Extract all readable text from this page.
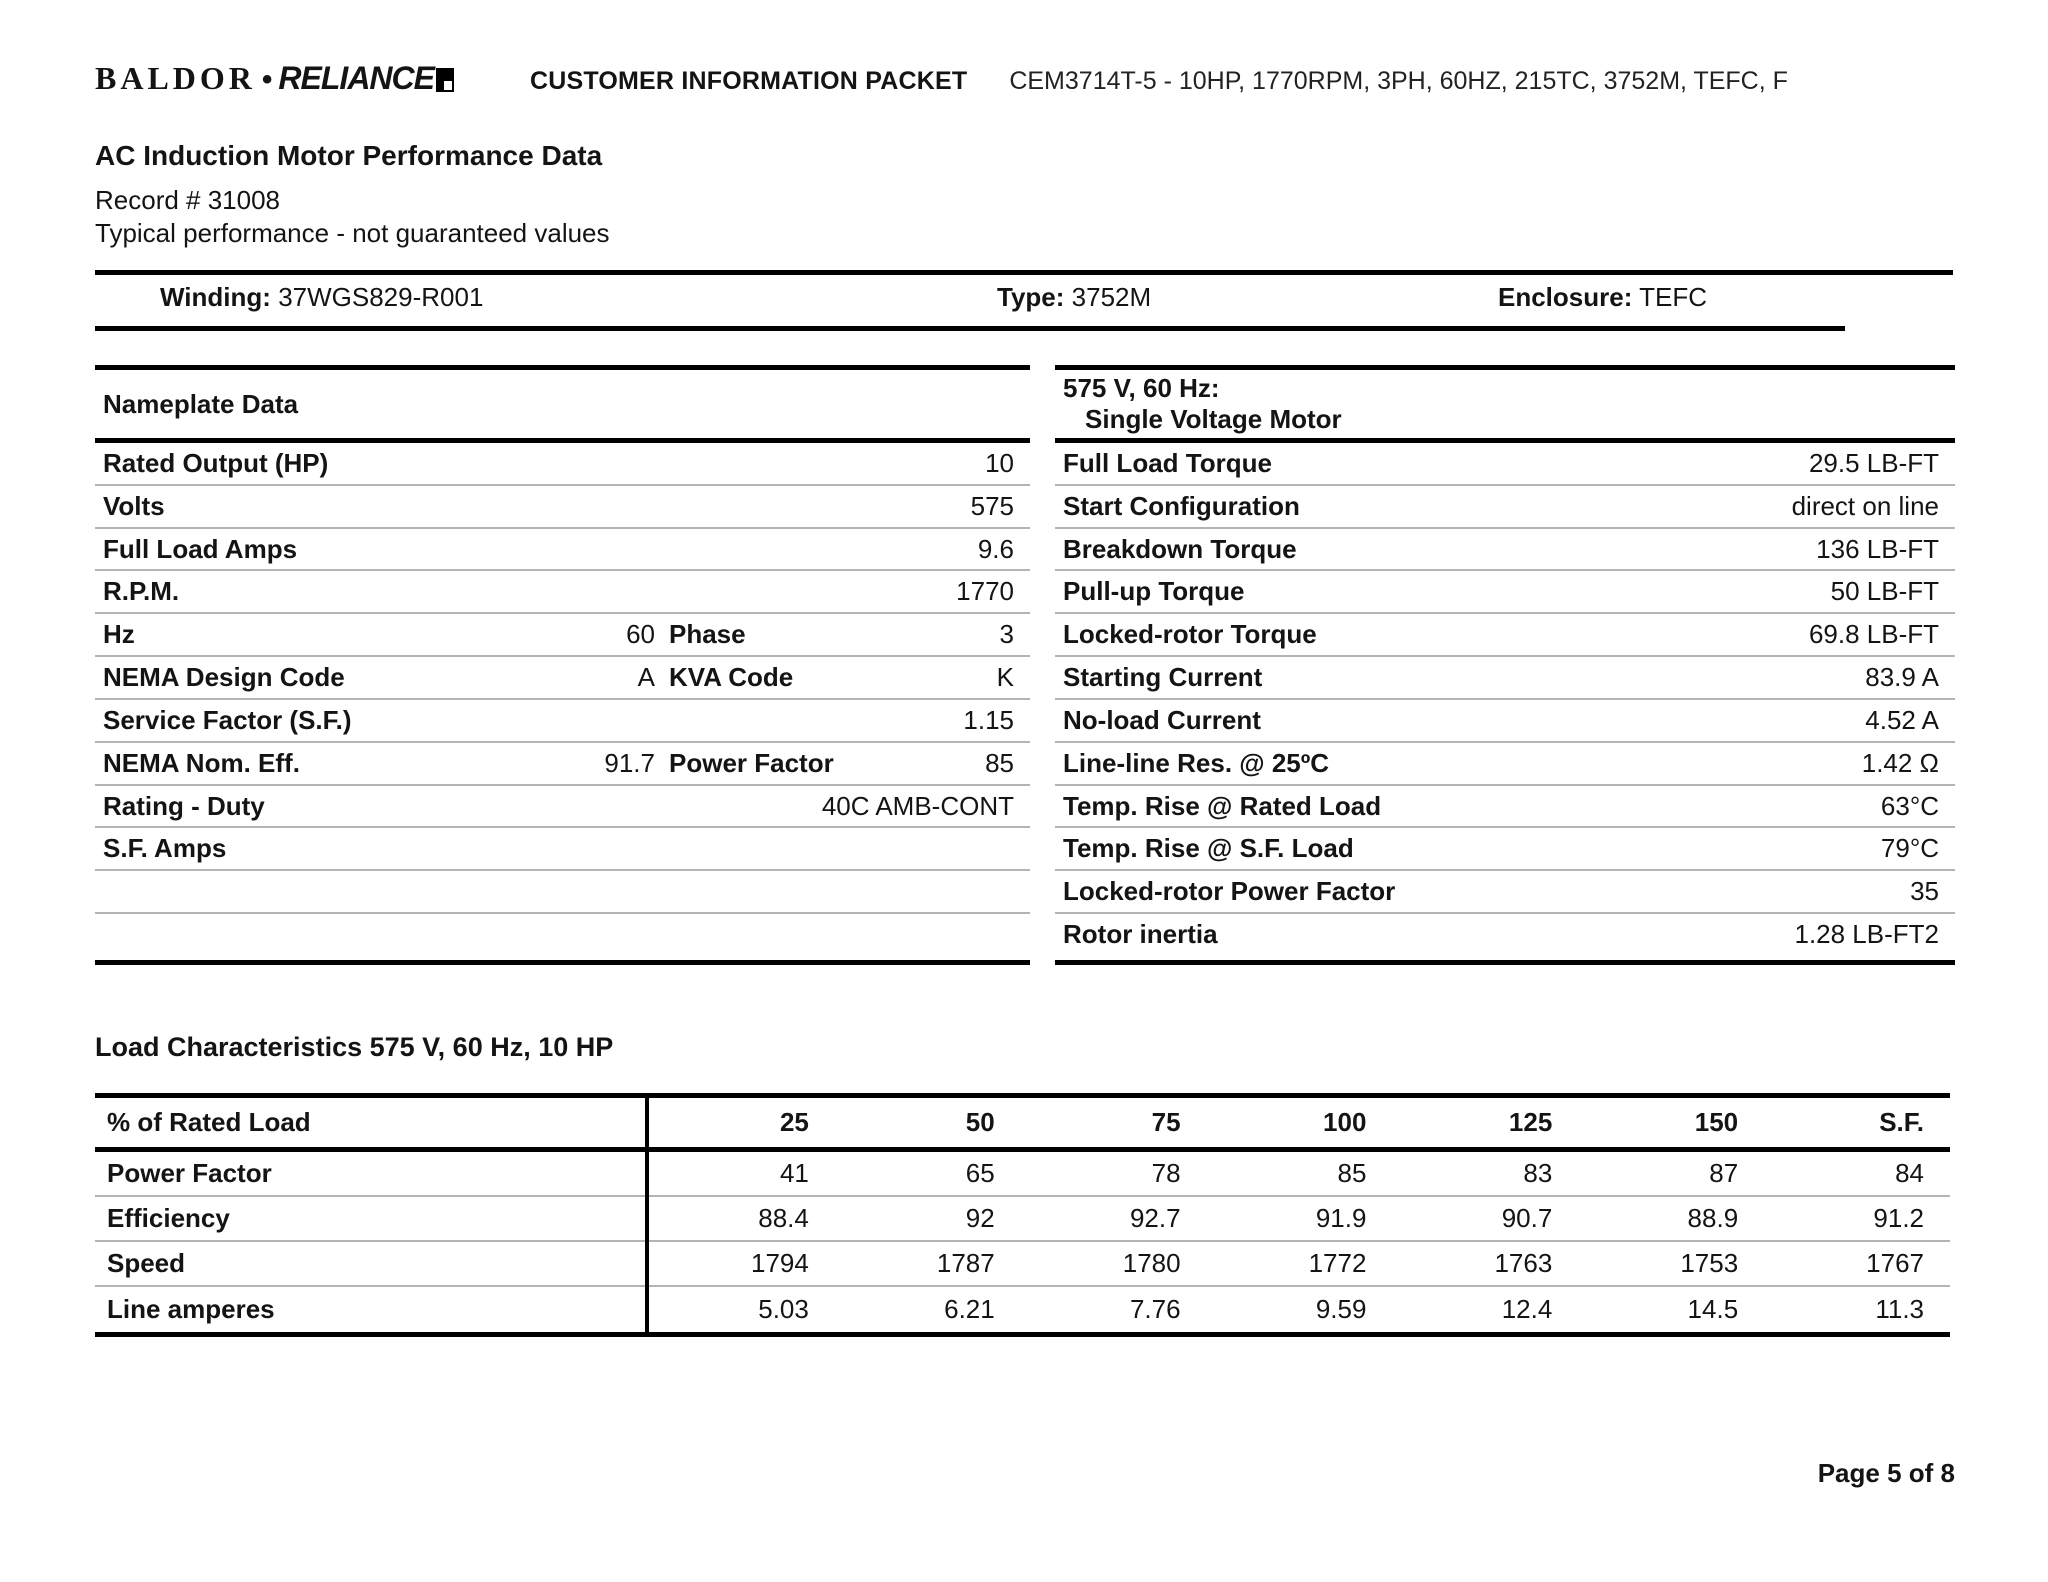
BALDOR • RELIANCE	CUSTOMER INFORMATION PACKET CEM3714T-5 - 10HP, 1770RPM, 3PH, 60HZ, 215TC, 3752M, TEFC, F
AC Induction Motor Performance Data
Record # 31008
Typical performance - not guaranteed values
Winding: 37WGS829-R001	Type: 3752M	Enclosure: TEFC
Nameplate Data
Rated Output (HP)	10
Volts	575
Full Load Amps	9.6
R.P.M.	1770
Hz	60 Phase	3
NEMA Design Code	A KVA Code	K
Service Factor (S.F.)	1.15
NEMA Nom. Eff.	91.7 Power Factor	85
Rating - Duty	40C AMB-CONT
S.F. Amps
575 V, 60 Hz:
Single Voltage Motor
Full Load Torque	29.5 LB-FT
Start Configuration	direct on line
Breakdown Torque	136 LB-FT
Pull-up Torque	50 LB-FT
Locked-rotor Torque	69.8 LB-FT
Starting Current	83.9 A
No-load Current	4.52 A
Line-line Res. @ 25ºC	1.42 Ω
Temp. Rise @ Rated Load	63°C
Temp. Rise @ S.F. Load	79°C
Locked-rotor Power Factor	35
Rotor inertia	1.28 LB-FT2
Load Characteristics 575 V, 60 Hz, 10 HP
% of Rated Load	25	50	75	100	125	150	S.F.
Power Factor	41	65	78	85	83	87	84
Efficiency	88.4	92	92.7	91.9	90.7	88.9	91.2
Speed	1794	1787	1780	1772	1763	1753	1767
Line amperes	5.03	6.21	7.76	9.59	12.4	14.5	11.3
Page 5 of 8
